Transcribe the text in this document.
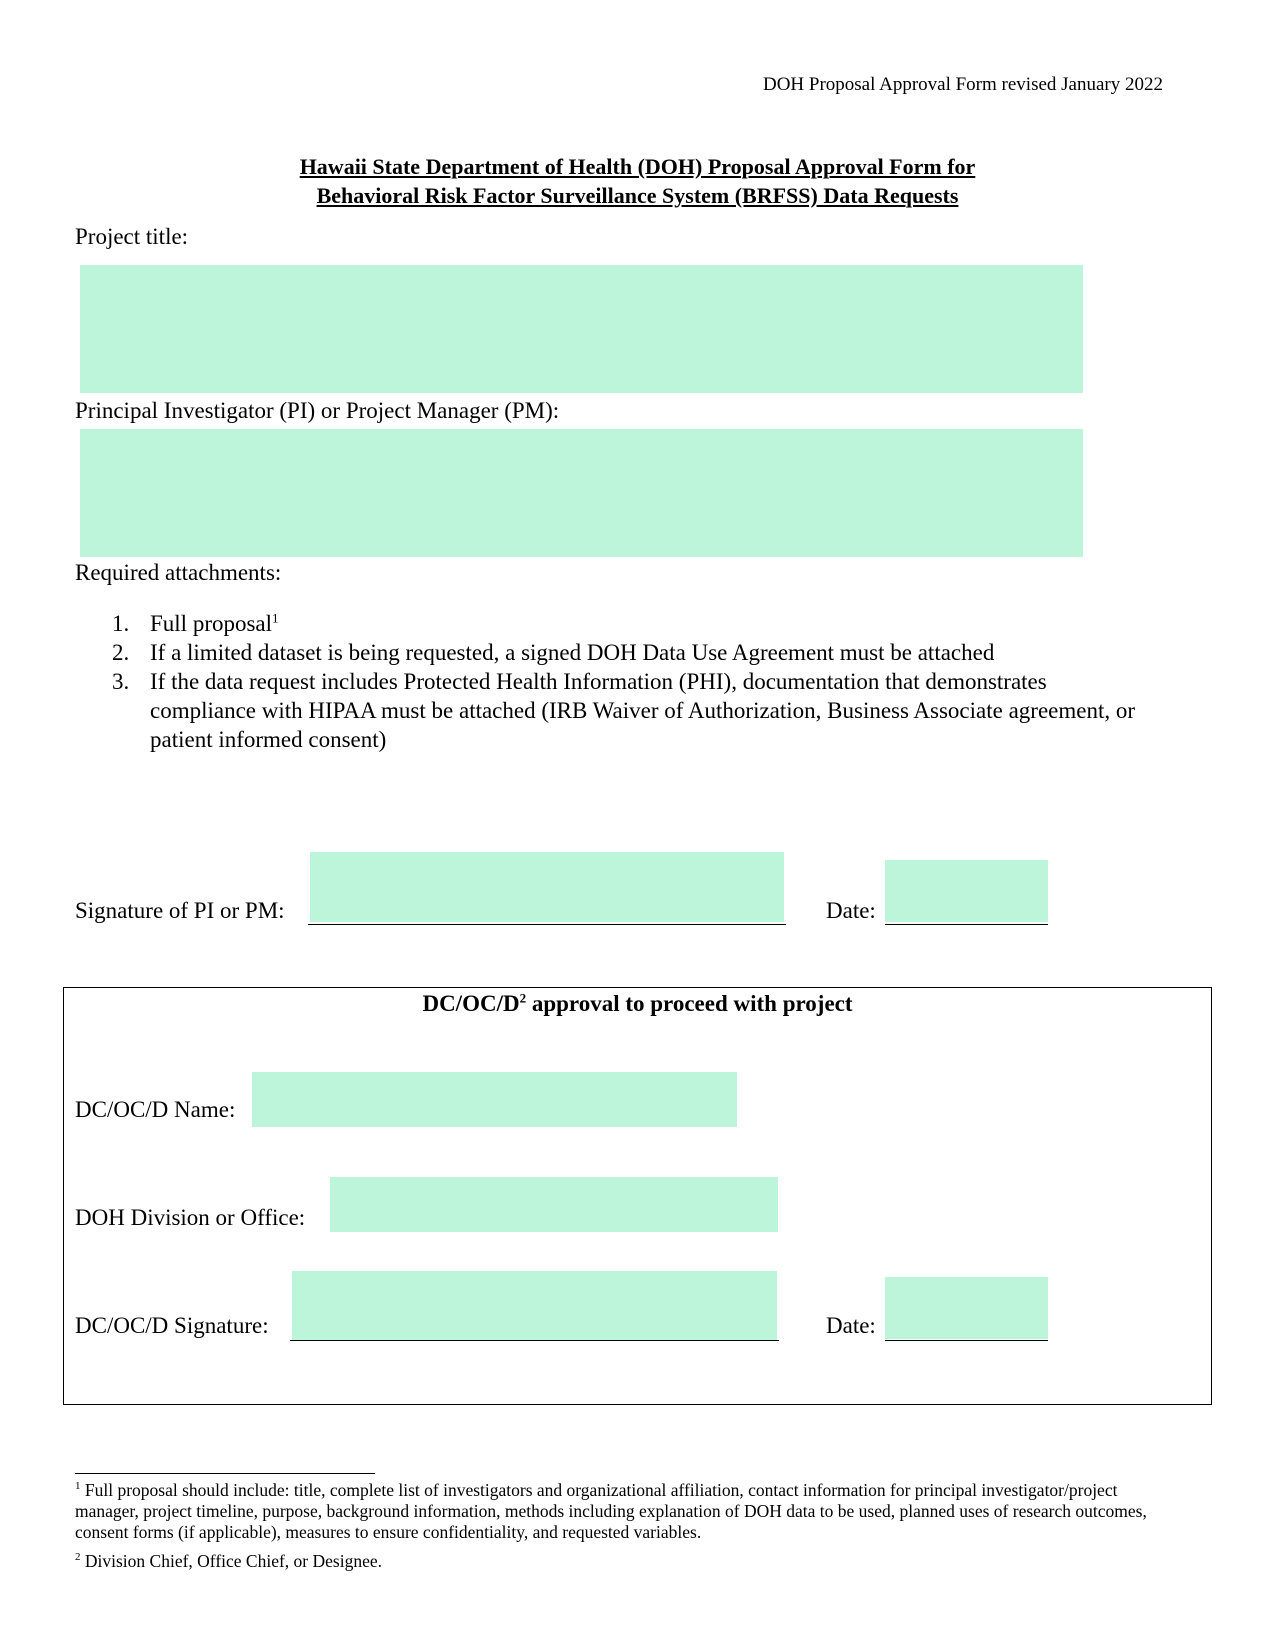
DOH Proposal Approval Form revised January 2022
Hawaii State Department of Health (DOH) Proposal Approval Form for
Behavioral Risk Factor Surveillance System (BRFSS) Data Requests
Project title:
Principal Investigator (PI) or Project Manager (PM):
Required attachments:
1. Full proposal$^1$
2. If a limited dataset is being requested, a signed DOH Data Use Agreement must be attached
3. If the data request includes Protected Health Information (PHI), documentation that demonstrates compliance with HIPAA must be attached (IRB Waiver of Authorization, Business Associate agreement, or patient informed consent)
Signature of PI or PM:	Date:
$DC/OC/D^2$ approval to proceed with project
DC/OC/D Name:
DOH Division or Office:
DC/OC/D Signature:	Date:
$^1$ Full proposal should include: title, complete list of investigators and organizational affiliation, contact information for principal investigator/project manager, project timeline, purpose, background information, methods including explanation of DOH data to be used, planned uses of research outcomes, consent forms (if applicable), measures to ensure confidentiality, and requested variables.
$^2$ Division Chief, Office Chief, or Designee.
